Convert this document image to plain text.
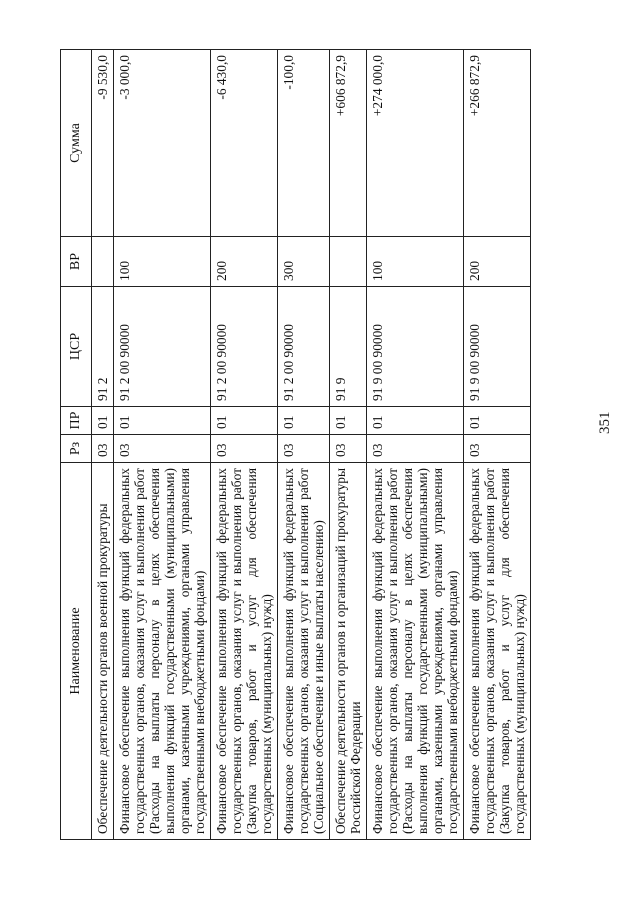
351
Наименование	Рз	ПР	ЦСР	ВР	Сумма
Обеспечение деятельности органов военной прокуратуры	03	01	91 2		-9 530,0
Финансовое обеспечение выполнения функций федеральных государственных органов, оказания услуг и выполнения работ (Расходы на выплаты персоналу в целях обеспечения выполнения функций государственными (муниципальными) органами, казенными учреждениями, органами управления государственными внебюджетными фондами)	03	01	91 2 00 90000	100	-3 000,0
Финансовое обеспечение выполнения функций федеральных государственных органов, оказания услуг и выполнения работ (Закупка товаров, работ и услуг для обеспечения государственных (муниципальных) нужд)	03	01	91 2 00 90000	200	-6 430,0
Финансовое обеспечение выполнения функций федеральных государственных органов, оказания услуг и выполнения работ (Социальное обеспечение и иные выплаты населению)	03	01	91 2 00 90000	300	-100,0
Обеспечение деятельности органов и организаций прокуратуры Российской Федерации	03	01	91 9		+606 872,9
Финансовое обеспечение выполнения функций федеральных государственных органов, оказания услуг и выполнения работ (Расходы на выплаты персоналу в целях обеспечения выполнения функций государственными (муниципальными) органами, казенными учреждениями, органами управления государственными внебюджетными фондами)	03	01	91 9 00 90000	100	+274 000,0
Финансовое обеспечение выполнения функций федеральных государственных органов, оказания услуг и выполнения работ (Закупка товаров, работ и услуг для обеспечения государственных (муниципальных) нужд)	03	01	91 9 00 90000	200	+266 872,9
